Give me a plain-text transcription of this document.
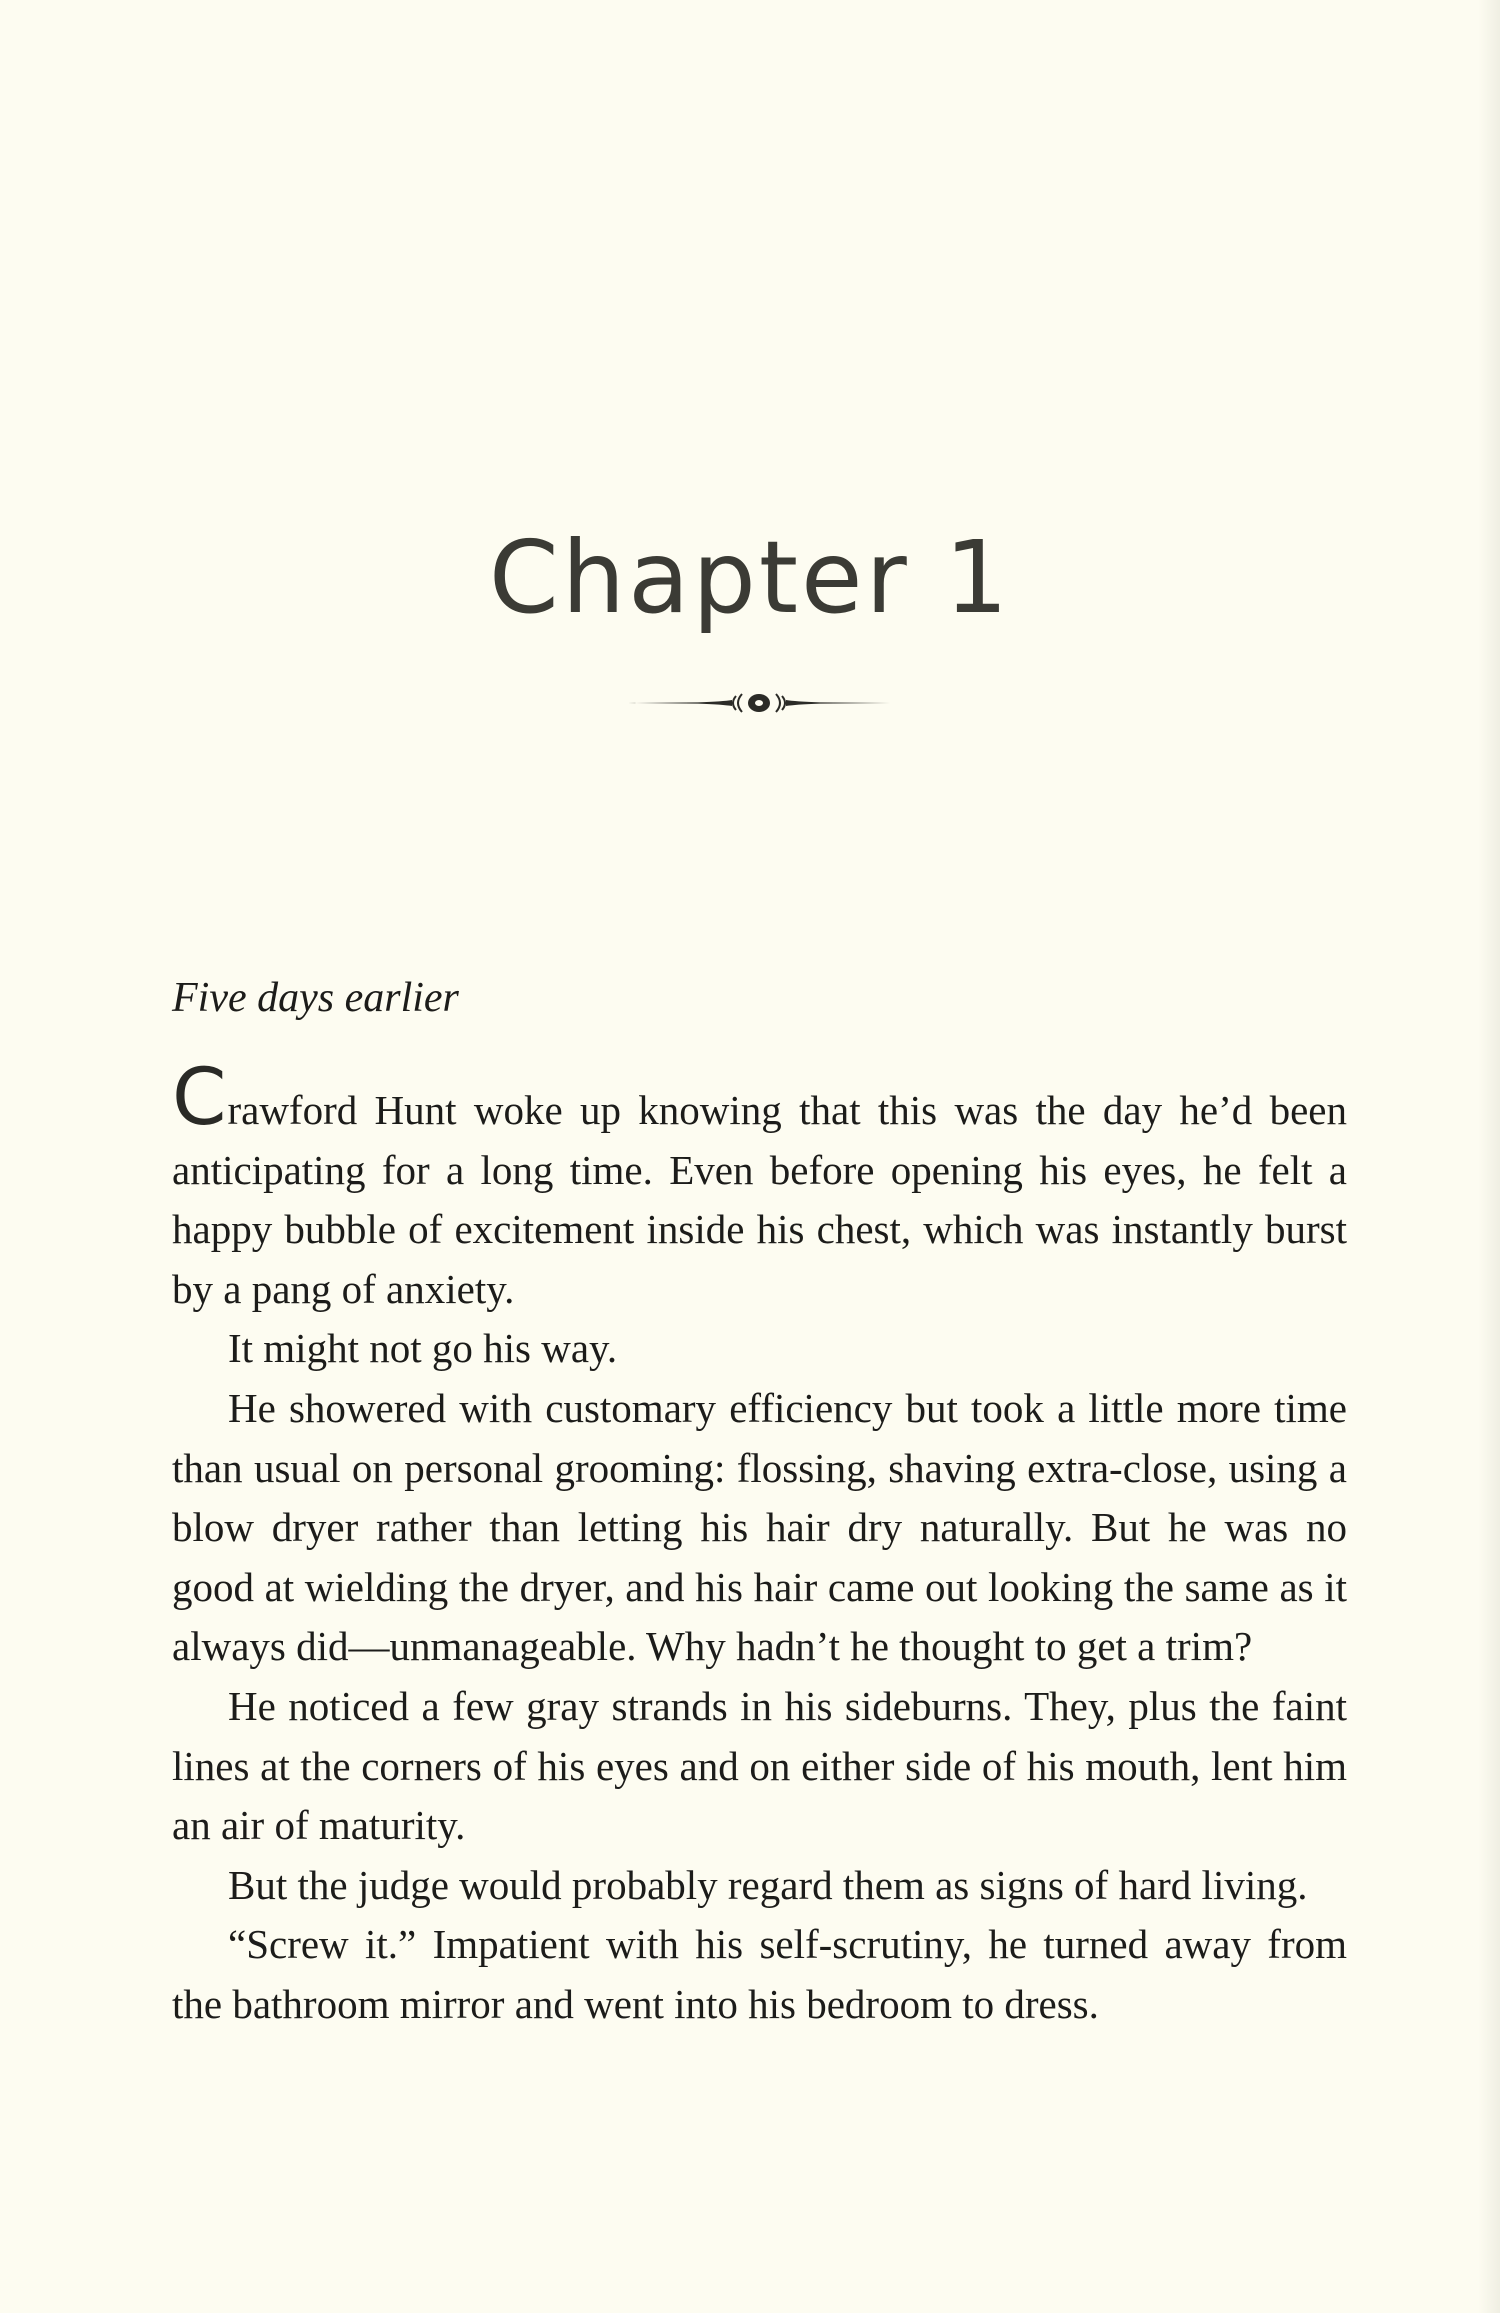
Chapter 1
Five days earlier

Crawford Hunt woke up knowing that this was the day he’d been anticipating for a long time. Even before opening his eyes, he felt a happy bubble of excitement inside his chest, which was instantly burst by a pang of anxiety.

It might not go his way.

He showered with customary efficiency but took a little more time than usual on personal grooming: flossing, shaving extra-close, using a blow dryer rather than letting his hair dry naturally. But he was no good at wielding the dryer, and his hair came out looking the same as it always did—unmanageable. Why hadn’t he thought to get a trim?

He noticed a few gray strands in his sideburns. They, plus the faint lines at the corners of his eyes and on either side of his mouth, lent him an air of maturity.

But the judge would probably regard them as signs of hard living.

“Screw it.” Impatient with his self-scrutiny, he turned away from the bathroom mirror and went into his bedroom to dress.
